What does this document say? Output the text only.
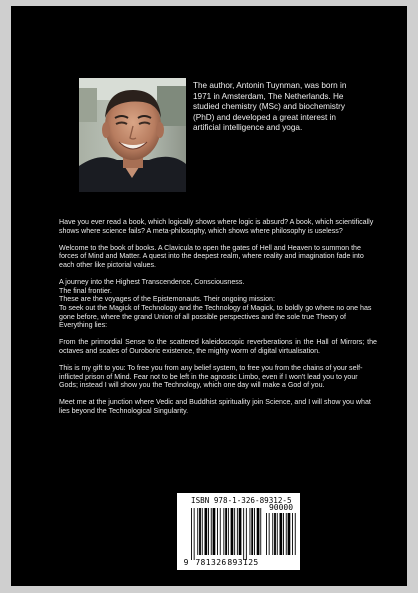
The author, Antonin Tuynman, was born in 1971 in Amsterdam, The Netherlands. He studied chemistry (MSc) and biochemistry (PhD) and developed a great interest in artificial intelligence and yoga.

Have you ever read a book, which logically shows where logic is absurd? A book, which scientifically shows where science fails? A meta-philosophy, which shows where philosophy is useless?

Welcome to the book of books. A Clavicula to open the gates of Hell and Heaven to summon the forces of Mind and Matter. A quest into the deepest realm, where reality and imagination fade into each other like pictorial values.

A journey into the Highest Transcendence, Consciousness.
The final frontier.
These are the voyages of the Epistemonauts. Their ongoing mission:
To seek out the Magick of Technology and the Technology of Magick, to boldly go where no one has gone before, where the grand Union of all possible perspectives and the sole true Theory of Everything lies:

From the primordial Sense to the scattered kaleidoscopic reverberations in the Hall of Mirrors; the octaves and scales of Ouroboric existence, the mighty worm of digital virtualisation.

This is my gift to you: To free you from any belief system, to free you from the chains of your self-inflicted prison of Mind. Fear not to be left in the agnostic Limbo, even if I won't lead you to your Gods; instead I will show you the Technology, which one day will make a God of you.

Meet me at the junction where Vedic and Buddhist spirituality join Science, and I will show you what lies beyond the Technological Singularity.

ISBN 978-1-326-89312-5
90000
9 781326 893125
